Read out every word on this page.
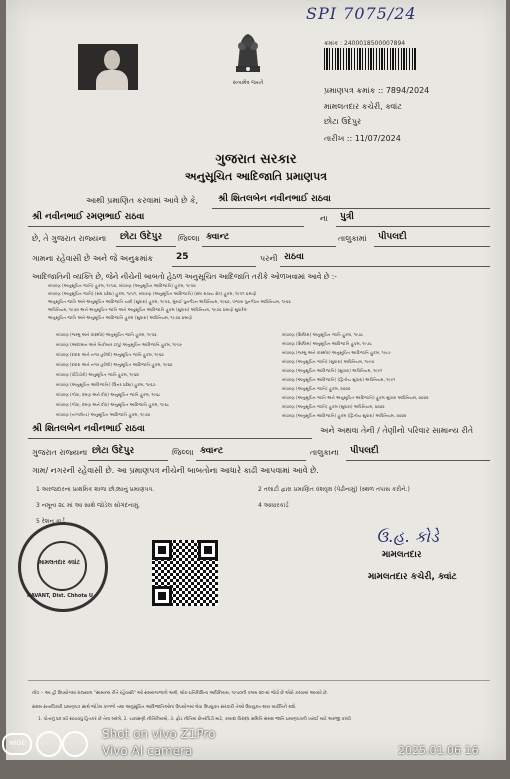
SPI 7075/24
સત્યમેવ જયતે
ક્રમાંક : 24000185000078​94
પ્રમાણપત્ર ક્રમાંક :: 7894/2024
મામલતદાર કચેરી, ક્વાંટ
છોટા ઉદેપુર
તારીખ :: 11/07/2024
ગુજરાત સરકાર
અનુસૂચિત આદિજાતિ પ્રમાણપત્ર
આથી પ્રમાણિત કરવામાં આવે છે કે, શ્રી શિતલબેન નવીનભાઈ રાઠવા
શ્રી નવીનભાઈ રમણભાઈ રાઠવા	ના પુત્રી
છે, તે ગુજરાત રાજ્યના છોટા ઉદેપુર જિલ્લા ક્વાન્ટ	તાલુકામાં પીપલદી
ગામના રહેવાસી છે અને જે અનુક્રમાંક	25	પરની રાઠવા
આદિજાતિની વ્યક્તિ છે, જેને નીચેની બાબતો હેઠળ અનુસૂચિત આદિજાતિ તરીકે ઓળખવામાં આવે છે :-
બંધારણ (અનુસૂચિત જાતિ) હુકમ, ૧૯૫૦, બંધારણ (અનુસૂચિત આદિજાતિ) હુકમ, ૧૯૫૦
બંધારણ (અનુસૂચિત જાતિ) (સંઘ પ્રદેશ) હુકમ, ૧૯૫૧, બંધારણ (અનુસૂચિત આદિજાતિ) (સંઘ રાજ્ય ક્ષેત્ર) હુકમ, ૧૯૫૧ પ્રમાણે
અનુસૂચિત જાતિ અને અનુસૂચિત આદિજાતિ યાદી (સુધારા) હુકમ, ૧૯૫૬, મુંબઈ પુનર્ગઠન અધિનિયમ, ૧૯૬૦, પંજાબ પુનર્ગઠન અધિનિયમ, ૧૯૬૬
અધિનિયમ, ૧૯૭૦ અને અનુસૂચિત જાતિ અને અનુસૂચિત આદિજાતિ હુકમ (સુધારા) અધિનિયમ, ૧૯૭૬ પ્રમાણે સુધારેલ
અનુસૂચિત જાતિ અને અનુસૂચિત આદિજાતિ હુકમ (સુધારા) અધિનિયમ, ૧૯૭૬ પ્રમાણે
બંધારણ (જમ્મુ અને કાશ્મીર) અનુસૂચિત જાતિ હુકમ, ૧૯૫૬
બંધારણ (આંદામાન અને નિકોબાર ટાપુ) અનુસૂચિત આદિજાતિ હુકમ, ૧૯૫૯
બંધારણ (દાદરા અને નગર હવેલી) અનુસૂચિત જાતિ હુકમ, ૧૯૬૨
બંધારણ (દાદરા અને નગર હવેલી) અનુસૂચિત આદિજાતિ હુકમ, ૧૯૬૨
બંધારણ (પોંડિચેરી) અનુસૂચિત જાતિ હુકમ, ૧૯૬૪
બંધારણ (અનુસૂચિત આદિજાતિ) (ઉત્તર પ્રદેશ) હુકમ, ૧૯૬૭
બંધારણ (ગોવા, દમણ અને દીવ) અનુસૂચિત જાતિ હુકમ, ૧૯૬૮
બંધારણ (ગોવા, દમણ અને દીવ) અનુસૂચિત આદિજાતિ હુકમ, ૧૯૬૮
બંધારણ (નાગાલેન્ડ) અનુસૂચિત આદિજાતિ હુકમ, ૧૯૭૦
બંધારણ (સિક્કિમ) અનુસૂચિત જાતિ હુકમ, ૧૯૭૮
બંધારણ (સિક્કિમ) અનુસૂચિત આદિજાતિ હુકમ, ૧૯૭૮
બંધારણ (જમ્મુ અને કાશ્મીર) અનુસૂચિત આદિજાતિ હુકમ, ૧૯૮૯
બંધારણ (અનુસૂચિત જાતિ) (સુધારા) અધિનિયમ, ૧૯૯૦
બંધારણ (અનુસૂચિત આદિજાતિ) (સુધારા) અધિનિયમ, ૧૯૯૧
બંધારણ (અનુસૂચિત આદિજાતિ) (દ્વિતીય સુધારા) અધિનિયમ, ૧૯૯૧
બંધારણ (અનુસૂચિત જાતિ) હુકમ, ૨૦૦૨
બંધારણ (અનુસૂચિત જાતિ અને અનુસૂચિત આદિજાતિ) હુકમ સુધારા અધિનિયમ, ૨૦૦૨
બંધારણ (અનુસૂચિત જાતિ) હુકમ (સુધારા) અધિનિયમ, ૨૦૦૨
બંધારણ (અનુસૂચિત આદિજાતિ) હુકમ (દ્વિતીય સુધારા) અધિનિયમ, ૨૦૦૨
શ્રી શિતલબેન નવીનભાઈ રાઠવા	અને અથવા તેની / તેણીનો પરિવાર સામાન્ય રીતે
ગુજરાત રાજ્યના છોટા ઉદેપુર	જિલ્લા ક્વાન્ટ	તાલુકાના પીપલદી
ગામ/ નગરની રહેવાસી છે. આ પ્રમાણપત્ર નીચેની બાબતોના આધારે કાઢી આપવામાં આવે છે.
1 અરજદારના પ્રાથમિક શાળા છોડ્યાનું પ્રમાણપત્ર.	2 તલાટી દ્વારા પ્રમાણિત વંશવૃક્ષ (પેઢીનામું) (સ્થળ તપાસ કરીને.)
3 નમૂના ૨૮ માં આ સાથે જોડેલ સોગંદનામું.	4 આધારકાર્ડ
5 રેશન કાર્ડ
મામલતદાર ક્વાંટ
KAVANT, Dist. Chhota U
ઉ.હ. કોડે
મામલતદાર
મામલતદાર કચેરી, ક્વાંટ
નોંધ :- આ હી ઉપયોગમાં રાજ્યના "સામાન્ય રીતે રહેવાસી" ઓ સમયગાળાનો અર્થ, લોક-પ્રતિનિધિત્વ અધિનિયમ, ૧૯૫૦ની કલમ ૨૦-માં જેવો છે એવો કરવામાં આવ્યો છે.
સક્ષમ સત્તાધિકારી પ્રમાણપત્ર સાથે જોડેલ કાગળો તથા અનુસૂચિત આદિજાતિઓના ઉપયોગમાં લેવા ઉપયુક્ત સરકારી તેઓ ઉપયુક્ત થાય વ્યક્તિને થશે.
1. પોતાનું ૬૦ વર્ષ સાચવવું હિતકર છે તેના બદલે, 2. ચકાસણી નીતિનિયમો, 3. ફ્રોડ નીતિમાં છેતરપિંડી માટે, કાયદા વિરુદ્ધ સમિતિ સમક્ષ જાતિ પ્રમાણપત્રની ખરાઈ માટે અરજી કરવી
WIDE
Shot on vivo Z1Pro
Vivo AI camera	2025.01.06 16
